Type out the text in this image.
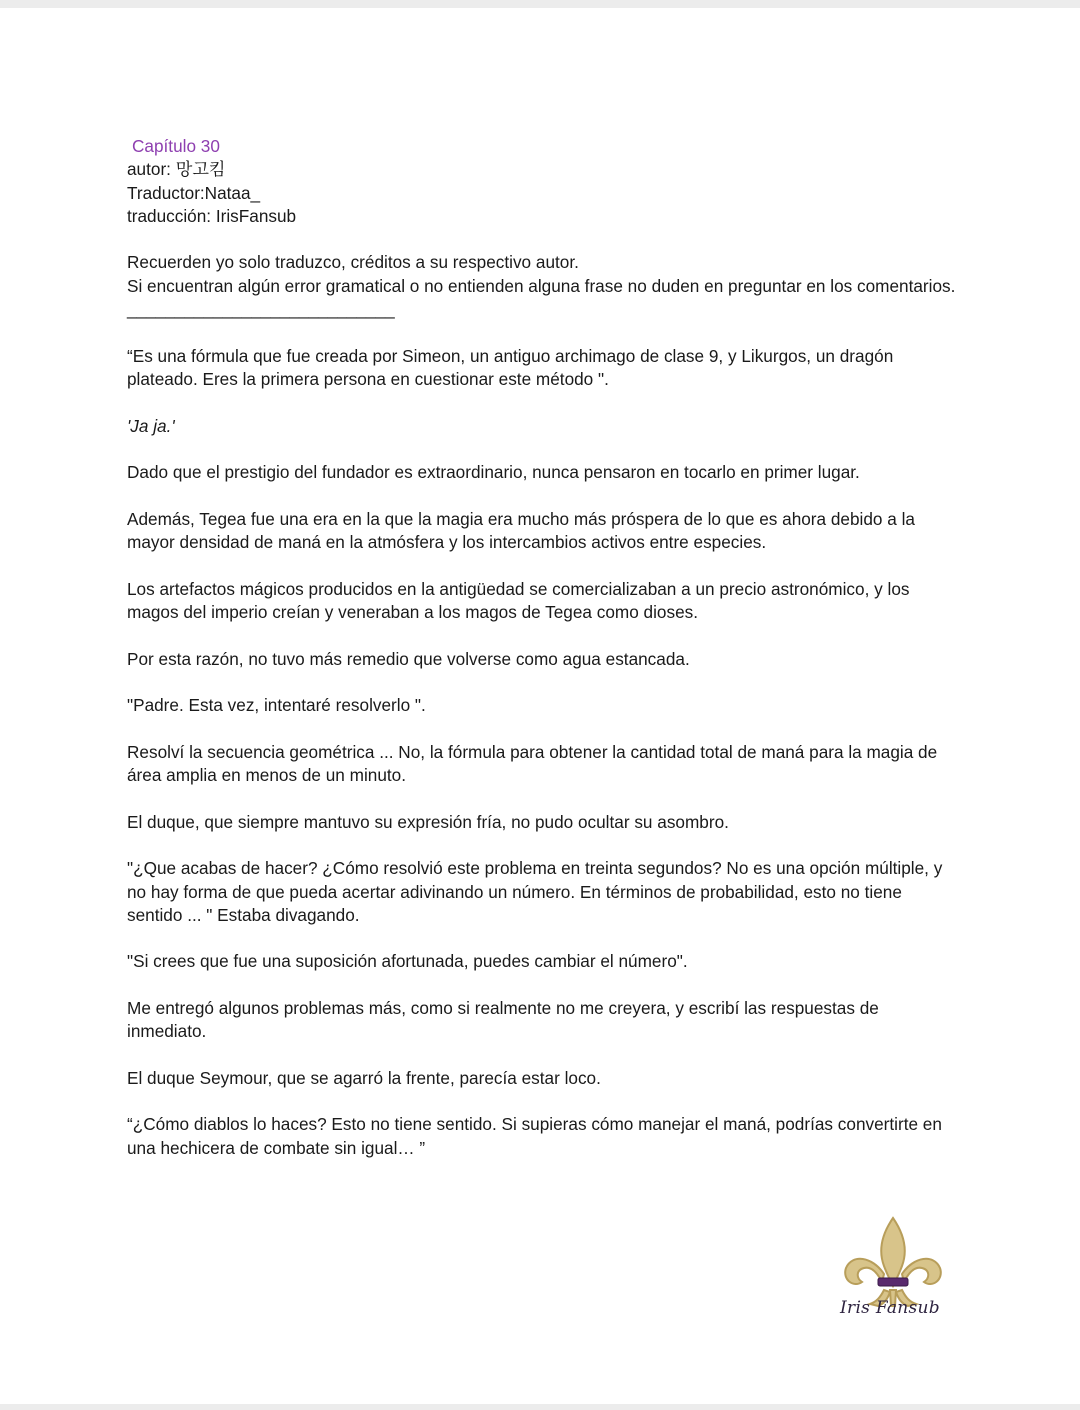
Capítulo 30

autor: 망고킴

Traductor:Nataa_

traducción: IrisFansub

Recuerden yo solo traduzco, créditos a su respectivo autor.

Si encuentran algún error gramatical o no entienden alguna frase no duden en preguntar en los comentarios.

____________________________

“Es una fórmula que fue creada por Simeon, un antiguo archimago de clase 9, y Likurgos, un dragón plateado. Eres la primera persona en cuestionar este método ".

'Ja ja.'

Dado que el prestigio del fundador es extraordinario, nunca pensaron en tocarlo en primer lugar.

Además, Tegea fue una era en la que la magia era mucho más próspera de lo que es ahora debido a la mayor densidad de maná en la atmósfera y los intercambios activos entre especies.

Los artefactos mágicos producidos en la antigüedad se comercializaban a un precio astronómico, y los magos del imperio creían y veneraban a los magos de Tegea como dioses.

Por esta razón, no tuvo más remedio que volverse como agua estancada.

"Padre. Esta vez, intentaré resolverlo ".

Resolví la secuencia geométrica ... No, la fórmula para obtener la cantidad total de maná para la magia de área amplia en menos de un minuto.

El duque, que siempre mantuvo su expresión fría, no pudo ocultar su asombro.

"¿Que acabas de hacer? ¿Cómo resolvió este problema en treinta segundos? No es una opción múltiple, y no hay forma de que pueda acertar adivinando un número. En términos de probabilidad, esto no tiene sentido ... " Estaba divagando.

"Si crees que fue una suposición afortunada, puedes cambiar el número".

Me entregó algunos problemas más, como si realmente no me creyera, y escribí las respuestas de inmediato.

El duque Seymour, que se agarró la frente, parecía estar loco.

“¿Cómo diablos lo haces? Esto no tiene sentido. Si supieras cómo manejar el maná, podrías convertirte en una hechicera de combate sin igual… ”

Iris Fansub
